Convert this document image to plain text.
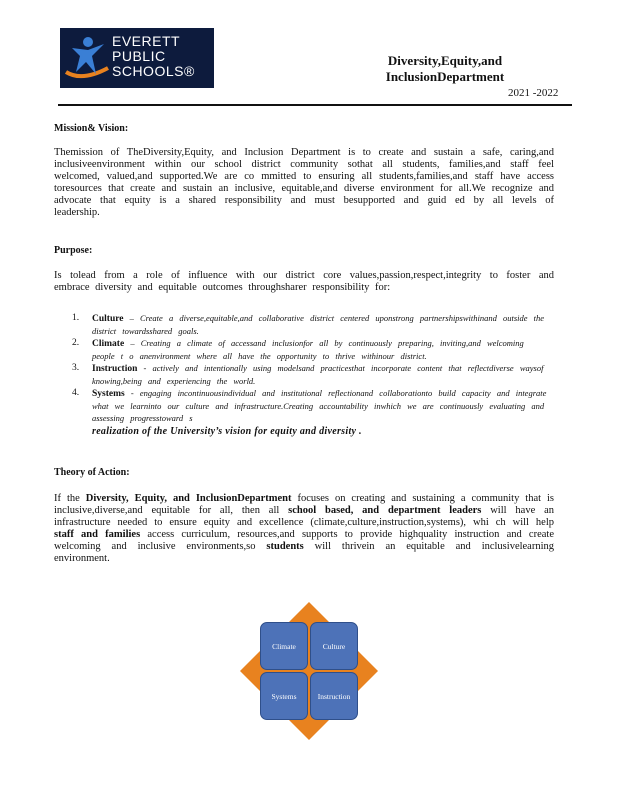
EVERETT
PUBLIC
SCHOOLS®
Diversity,Equity,and
InclusionDepartment
2021 -2022
Mission& Vision:
Themission of TheDiversity,Equity, and Inclusion Department is to create and sustain a safe, caring,and inclusiveenvironment within our school district community sothat all students, families,and staff feel welcomed, valued,and supported.We are co mmitted to ensuring all students,families,and staff have access toresources that create and sustain an inclusive, equitable,and diverse environment for all.We recognize and advocate that equity is a shared responsibility and must besupported and guid ed by all levels of leadership.
Purpose:
Is tolead from a role of influence with our district core values,passion,respect,integrity to foster and embrace diversity and equitable outcomes throughsharer responsibility for:
1. Culture – Create a diverse,equitable,and collaborative district centered uponstrong partnershipswithinand outside the district towardsshared goals.
2. Climate – Creating a climate of accessand inclusionfor all by continuously preparing, inviting,and welcoming people t o anenvironment where all have the opportunity to thrive withinour district.
3. Instruction - actively and intentionally using modelsand practicesthat incorporate content that reflectdiverse waysof knowing,being and experiencing the world.
4. Systems - engaging incontinuousindividual and institutional reflectionand collaborationto build capacity and integrate what we learninto our culture and infrastructure.Creating accountability inwhich we are continuously evaluating and assessing progresstoward s
realization of the University’s vision for equity and diversity .
Theory of Action:
If the Diversity, Equity, and InclusionDepartment focuses on creating and sustaining a community that is inclusive,diverse,and equitable for all, then all school based, and department leaders will have an infrastructure needed to ensure equity and excellence (climate,culture,instruction,systems), whi ch will help staff and families access curriculum, resources,and supports to provide highquality instruction and create welcoming and inclusive environments,so students will thrivein an equitable and inclusivelearning environment.
Climate	Culture
Systems	Instruction
